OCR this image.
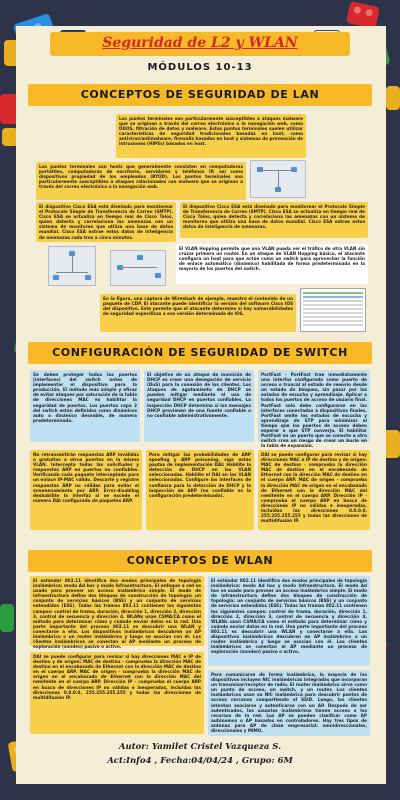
Seguridad de L2 y WLAN
MÓDULOS 10-13
CONCEPTOS DE SEGURIDAD DE LAN
Los puntos terminales son particularmente susceptibles a ataques malware que se originan a través del correo electrónico o la navegación web, como DDOS, filtración de datos y malware. Estos puntos terminales suelen utilizar características de seguridad tradicionales basadas en host, como antivirus/antimalware, firewalls basados en host y sistemas de prevención de intrusiones (HIPSs) basados en host.
Los puntos terminales son hosts que generalmente consisten en computadoras portátiles, computadoras de escritorio, servidores y teléfonos IP, así como dispositivos propiedad de los empleados (BYOD). Los puntos terminales son particularmente susceptibles a ataques relacionados con malware que se originan a través del correo electrónico o la navegación web.
El dispositivo Cisco ESA está diseñado para monitorear el Protocolo Simple de Transferencia de Correo (SMTP). Cisco ESA se actualiza en tiempo real de Cisco Talos, quien detecta y correlaciona las amenazas con un sistema de monitoreo que utiliza una base de datos mundial. Cisco ESA extrae estos datos de inteligencia de amenazas cada tres a cinco minutos.
El dispositivo Cisco ESA está diseñado para monitorear el Protocolo Simple de Transferencia de Correo (SMTP). Cisco ESA se actualiza en tiempo real de Cisco Talos, quien detecta y correlaciona las amenazas con un sistema de monitoreo que utiliza una base de datos mundial. Cisco ESA extrae estos datos de inteligencia de amenazas.
El VLAN Hopping permite que una VLAN pueda ver el tráfico de otra VLAN sin cruzar primero un router. En un ataque de VLAN Hopping básico, el atacante configura un host para que actúe como un switch para aprovechar la función de enlace automático (dinámico) habilitada de forma predeterminada en la mayoría de los puertos del switch.
En la figura, una captura de Wireshark de ejemplo, muestra el contenido de un paquete de CDP. El atacante puede identificar la versión del software Cisco IOS del dispositivo. Esto permite que el atacante determine si hay vulnerabilidades de seguridad específicas a esa versión determinada de IOS.
CONFIGURACIÓN DE SEGURIDAD DE SWITCH
Se deben proteger todos los puertos (interfaces) del switch antes de implementar el dispositivo para la producción. El método más simple y eficaz de evitar ataques por saturación de la tabla de direcciones MAC es habilitar la seguridad de puertos. Los puertos capa 2 del switch están definidos como dinámicos auto o dinámico deseable, de manera predeterminada.
El objetivo de un ataque de inanición de DHCP es crear una denegación de servicio (DoS) para la conexión de los clientes. Los ataques de agotamiento de DHCP se pueden mitigar mediante el uso de seguridad DHCP en puertos confiables. La inspección DHCP determina si los mensajes DHCP provienen de una fuente confiable o no confiable administrativamente.
PortFast - PortFast trae inmediatamente una interfaz configurada como puerto de acceso o troncal al estado de reenvío desde un estado de bloqueo, sin pasar por los estados de escucha y aprendizaje. Aplicar a todos los puertos de acceso de usuario final. PortFast solo debe configurarse en las interfaces conectadas a dispositivos finales. PortFast omite los estados de escucha y aprendizaje de STP para minimizar el tiempo que los puertos de acceso deben esperar a que STP converja. El habilitar PortFast en un puerto que se conecte a otro switch crea un riesgo de crear un bucle en la tabla de expansión.
No retransmitirán respuestas ARP inválidas o gratuitas a otros puertos en la misma VLAN. Intercepta todas las solicitudes y respuestas ARP en puertos no confiables. Verificando cada paquete interceptado para un enlace IP-MAC válido. Descarte y registre respuestas ARP no válidas para evitar el envenenamiento por ARP. Error-disabling deshabilite la interfaz si se excede el número DAI configurado de paquetes ARP.
Para mitigar las probabilidades de ARP spoofing y ARP poisoning, siga estas pautas de implementación DAI: Habilite la detección de DHCP en las VLAN seleccionadas. Habilite el DAI en las VLAN seleccionadas. Configure las interfaces de confianza para la detección de DHCP y la inspección de ARP (no confiable es la configuración predeterminada).
DAI se puede configurar para revisar si hay direcciones MAC e IP de destino y de origen: MAC de destino - comprueba la dirección MAC de destino en el encabezado de Ethernet con la dirección MAC de destino en el cuerpo ARP. MAC de origen - comprueba la dirección MAC de origen en el encabezado de Ethernet con la dirección MAC del remitente en el cuerpo ARP. Dirección IP - comprueba el cuerpo ARP en busca de direcciones IP no válidas e inesperadas, incluidas las direcciones 0.0.0.0, 255.255.255.255 y todas las direcciones de multidifusión IP.
CONCEPTOS DE WLAN
El estándar 802.11 identifica dos modos principales de topología inalámbrica: modo Ad hoc y modo Infraestructura. El enfoque a red se usado para proveer un acceso inalámbrico simple. El modo de infraestructura define dos bloques de construcción de topología: un conjunto de servicios básicos (BSS) y un conjunto de servicios extendidos (ESS). Todas las tramas 802.11 contienen los siguientes campos: control de trama, duración, dirección 1, dirección 2, dirección 3, control de secuencia y dirección 4. WLANs usan CSMA/CA como el método para determinar cómo y cuándo enviar datos en la red. Una parte importante del proceso 802.11 es descubrir una WLAN y conectarse a ella. Los dispositivos inalámbricos descubren un AP inalámbrico o un router inalámbrico y luego se asocian con él. Los clientes inalámbricos se conectan al AP mediante un proceso de exploración (sondeo) pasivo o activo.
DAI se puede configurar para revisar si hay direcciones MAC e IP de destino y de origen: MAC de destino - comprueba la dirección MAC de destino en el encabezado de Ethernet con la dirección MAC de destino en el cuerpo ARP. MAC de origen - comprueba la dirección MAC de origen en el encabezado de Ethernet con la dirección MAC del remitente en el cuerpo ARP. Dirección IP - comprueba el cuerpo ARP en busca de direcciones IP no válidas e inesperadas, incluidas las direcciones 0.0.0.0, 255.255.255.255 y todas las direcciones de multidifusión IP.
El estándar 802.11 identifica dos modos principales de topología inalámbrica: modo Ad hoc y modo Infraestructura. El modo Ad hoc es usado para proveer un acceso inalámbrico simple. El modo de infraestructura define dos bloques de construcción de topología: un conjunto de servicios básicos (BSS) y un conjunto de servicios extendidos (ESS). Todas las tramas 802.11 contienen los siguientes campos: control de trama, duración, dirección 1, dirección 2, dirección 3, control de secuencia y dirección 4. WLANs usan CSMA/CA como el método para determinar cómo y cuándo enviar datos en la red. Una parte importante del proceso 802.11 es descubrir una WLAN y conectarse a ella. Los dispositivos inalámbricos descubren un AP inalámbrico o un router inalámbrico y luego se asocian con él. Los clientes inalámbricos se conectan al AP mediante un proceso de exploración (sondeo) pasivo o activo.
Para comunicarse de forma inalámbrica, la mayoría de los dispositivos incluyen NIC inalámbricas integradas que incorporan un transmisor/receptor de radio. El router inalámbrico sirve como un punto de acceso, un switch, y un router. Los clientes inalámbricos usan su NIC inalámbrica para descubrir puntos de acceso cercanos compartiendo el SSID. Luego, los clientes intentan asociarse y autenticarse con un AP. Después de ser autenticados, los usuarios inalámbricos tienen acceso a los recursos de la red. Los AP se pueden clasificar como AP autónomos o AP basados en controladores. Hay tres tipos de antenas para AP de clase empresarial: omnidireccionales, direccionales y MIMO.
Autor: Yamilet Cristel Vazqueza S.
Act:Info4 , Fecha:04/04/24 , Grupo: 6M
